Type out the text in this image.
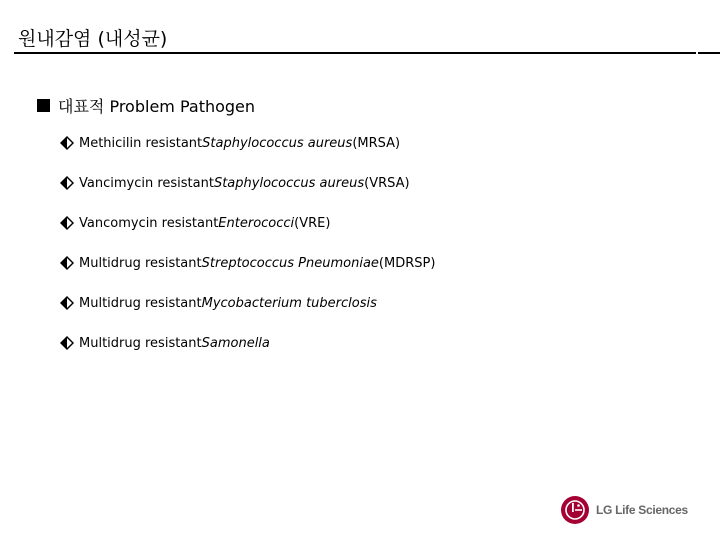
원내감염 (내성균)
대표적 Problem Pathogen
Methicilin resistant Staphylococcus aureus (MRSA)
Vancimycin resistant Staphylococcus aureus (VRSA)
Vancomycin resistant Enterococci (VRE)
Multidrug resistant Streptococcus Pneumoniae (MDRSP)
Multidrug resistant Mycobacterium tuberclosis
Multidrug resistant Samonella
LG Life Sciences
